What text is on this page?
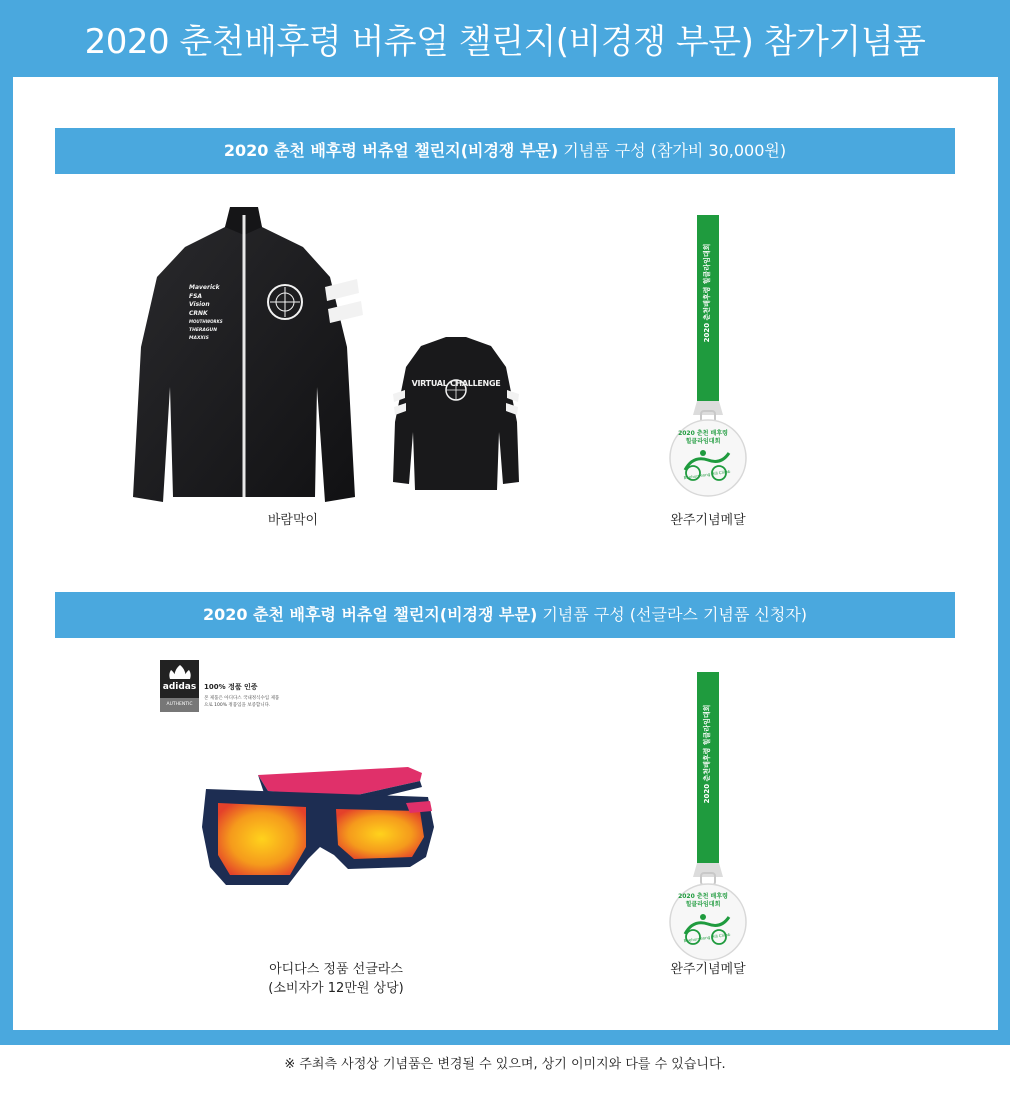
2020 춘천배후령 버츄얼 챌린지(비경쟁 부문) 참가기념품
2020 춘천 배후령 버츄얼 챌린지(비경쟁 부문) 기념품 구성 (참가비 30,000원)
Maverick
FSA
Vision
CRNK
MOUTHWORKS
THERAGUN
MAXXIS
VIRTUAL CHALLENGE
바람막이
2020 춘천배후령 힐클라임대회
2020 춘천 배후령
힐클라임대회
Baehuryeong Hill Climb
완주기념메달
2020 춘천 배후령 버츄얼 챌린지(비경쟁 부문) 기념품 구성 (선글라스 기념품 신청자)
adidas
AUTHENTIC
100% 정품 인증
본 제품은 아디다스 국내정식수입 제품
으로 100% 정품임을 보증합니다.
아디다스 정품 선글라스
(소비자가 12만원 상당)
2020 춘천배후령 힐클라임대회
2020 춘천 배후령
힐클라임대회
Baehuryeong Hill Climb
완주기념메달
※ 주최측 사정상 기념품은 변경될 수 있으며, 상기 이미지와 다를 수 있습니다.
